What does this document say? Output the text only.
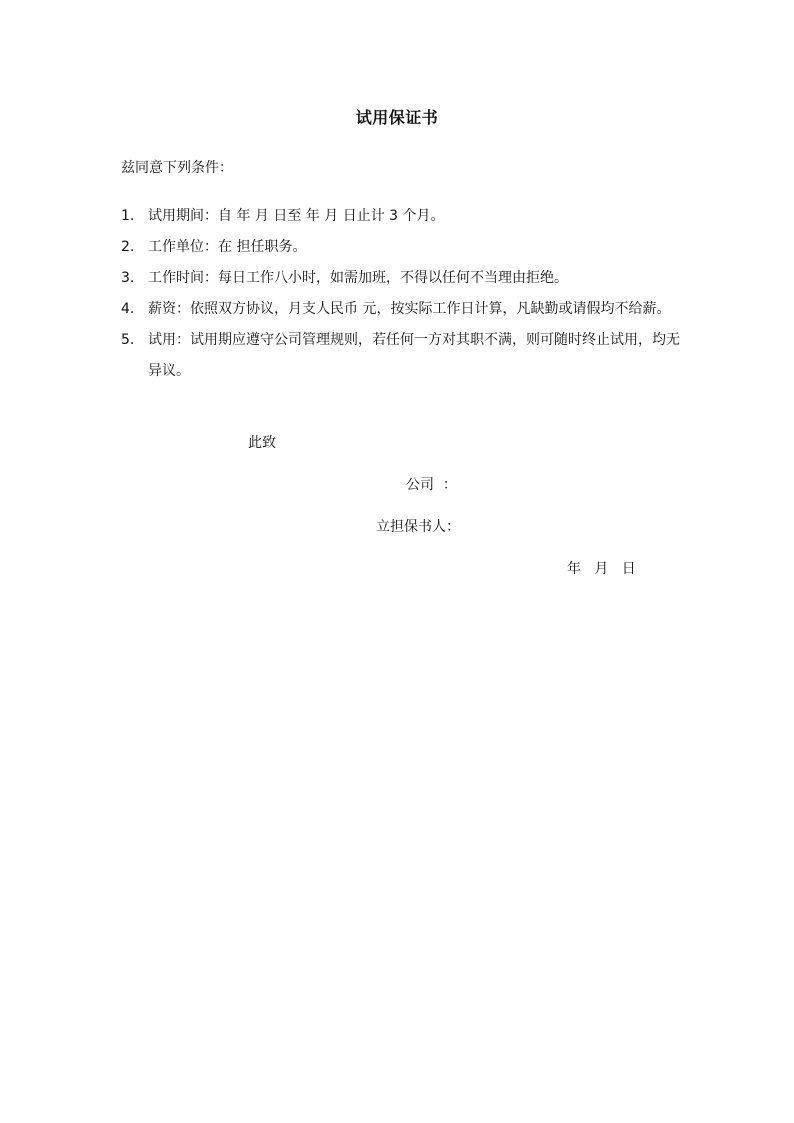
试用保证书
兹同意下列条件：
1. 试用期间：自 年 月 日至 年 月 日止计 3 个月。
2. 工作单位：在 担任职务。
3. 工作时间：每日工作八小时，如需加班，不得以任何不当理由拒绝。
4. 薪资：依照双方协议，月支人民币 元，按实际工作日计算，凡缺勤或请假均不给薪。
5. 试用：试用期应遵守公司管理规则，若任何一方对其职不满，则可随时终止试用，均无异议。
此致
公司  ：
立担保书人：
年   月   日
